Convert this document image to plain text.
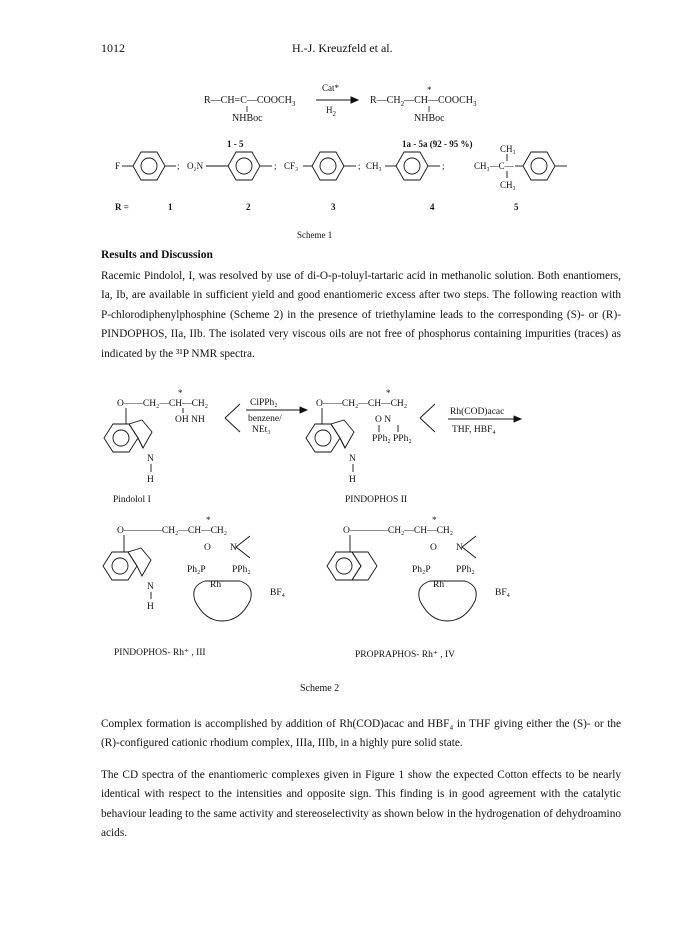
1012	H.-J. Kreuzfeld et al.
$R—CH=C—COOCH_3$
NHBoc
Cat*
$H_2$
$R—CH_2—CH—COOCH_3$
*
NHBoc
1 - 5	1a - 5a (92 - 95 %)
F	; O₂N	; CF₃	; CH₃	;
CH₃
CH₃—C—
CH₃
R =	1	2	3	4	5
Scheme 1
Results and Discussion
Racemic Pindolol, I, was resolved by use of di-O-p-toluyl-tartaric acid in methanolic solution. Both enantiomers, Ia, Ib, are available in sufficient yield and good enantiomeric excess after two steps. The following reaction with P-chlorodiphenylphosphine (Scheme 2) in the presence of triethylamine leads to the corresponding (S)- or (R)-PINDOPHOS, IIa, IIb. The isolated very viscous oils are not free of phosphorus containing impurities (traces) as indicated by the ³¹P NMR spectra.
O——CH₂—CH—CH₂
*
OH NH
N
H
Pindolol I
ClPPh₂
benzene/
NEt₃
O——CH₂—CH—CH₂
*
O N
PPh₂ PPh₂
N
H
PINDOPHOS II
Rh(COD)acac
THF, HBF₄
O————CH₂—CH—CH₂
*
O N
Ph₂P	PPh₂
N
H
Rh
BF₄
PINDOPHOS- Rh⁺ , III
O————CH₂—CH—CH₂
*
O N
Ph₂P	PPh₂
Rh
BF₄
PROPRAPHOS- Rh⁺ , IV
Scheme 2
Complex formation is accomplished by addition of Rh(COD)acac and HBF₄ in THF giving either the (S)- or the (R)-configured cationic rhodium complex, IIIa, IIIb, in a highly pure solid state.
The CD spectra of the enantiomeric complexes given in Figure 1 show the expected Cotton effects to be nearly identical with respect to the intensities and opposite sign. This finding is in good agreement with the catalytic behaviour leading to the same activity and stereoselectivity as shown below in the hydrogenation of dehydroamino acids.
